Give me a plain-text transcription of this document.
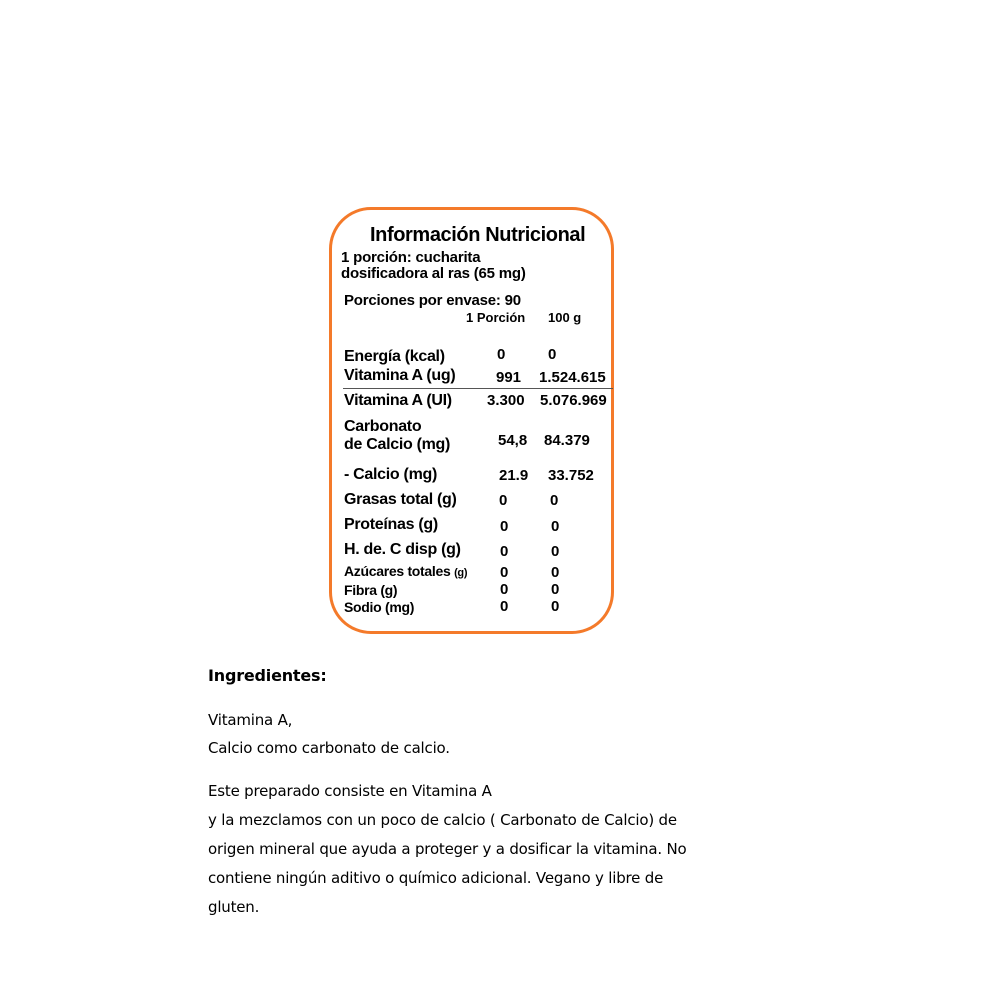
Información Nutricional
1 porción: cucharita
dosificadora al ras (65 mg)
Porciones por envase: 90
1 Porción 100 g
Energía (kcal)	0	0
Vitamina A (ug)	991 1.524.615
Vitamina A (UI) 3.300 5.076.969
Carbonato
de Calcio (mg)	54,8 84.379
- Calcio (mg)	21.9 33.752
Grasas total (g)	0	0
Proteínas (g)	0	0
H. de. C disp (g)	0	0
Azúcares totales (g) 0	0
Fibra (g)	0	0
Sodio (mg)	0	0
Ingredientes:
Vitamina A,
Calcio como carbonato de calcio.
Este preparado consiste en Vitamina A
y la mezclamos con un poco de calcio ( Carbonato de Calcio) de
origen mineral que ayuda a proteger y a dosificar la vitamina. No
contiene ningún aditivo o químico adicional. Vegano y libre de
gluten.
